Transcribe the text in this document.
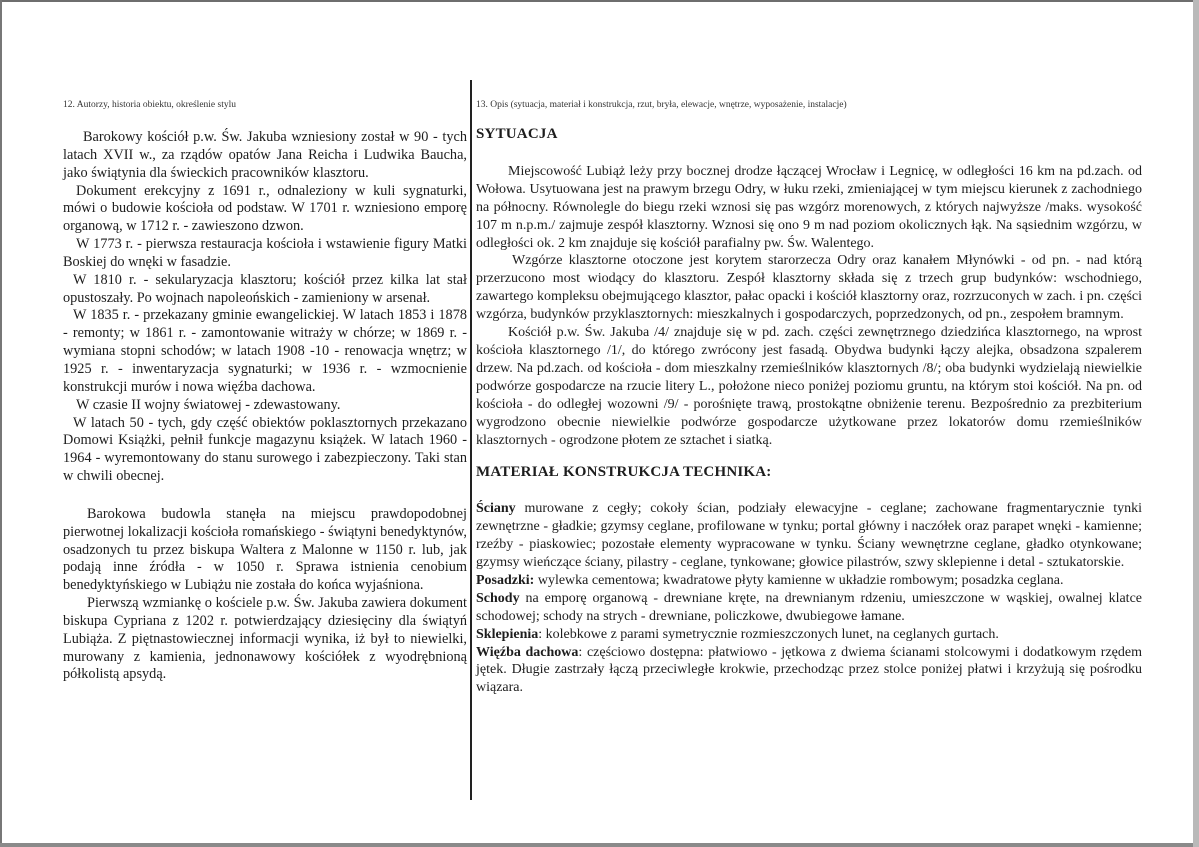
12. Autorzy, historia obiektu, określenie stylu	13. Opis (sytuacja, materiał i konstrukcja, rzut, bryła, elewacje, wnętrze, wyposażenie, instalacje)

Barokowy kościół p.w. Św. Jakuba wzniesiony został w 90 - tych latach XVII w., za rządów opatów Jana Reicha i Ludwika Baucha, jako świątynia dla świeckich pracowników klasztoru.

Dokument erekcyjny z 1691 r., odnaleziony w kuli sygnaturki, mówi o budowie kościoła od podstaw. W 1701 r. wzniesiono emporę organową, w 1712 r. - zawieszono dzwon.

W 1773 r. - pierwsza restauracja kościoła i wstawienie figury Matki Boskiej do wnęki w fasadzie.

W 1810 r. - sekularyzacja klasztoru; kościół przez kilka lat stał opustoszały. Po wojnach napoleońskich - zamieniony w arsenał.

W 1835 r. - przekazany gminie ewangelickiej. W latach 1853 i 1878 - remonty; w 1861 r. - zamontowanie witraży w chórze; w 1869 r. - wymiana stopni schodów; w latach 1908 -10 - renowacja wnętrz; w 1925 r. - inwentaryzacja sygnaturki; w 1936 r. - wzmocnienie konstrukcji murów i nowa więźba dachowa.

W czasie II wojny światowej - zdewastowany.

W latach 50 - tych, gdy część obiektów poklasztornych przekazano Domowi Książki, pełnił funkcje magazynu książek. W latach 1960 - 1964 - wyremontowany do stanu surowego i zabezpieczony. Taki stan w chwili obecnej.

Barokowa budowla stanęła na miejscu prawdopodobnej pierwotnej lokalizacji kościoła romańskiego - świątyni benedyktynów, osadzonych tu przez biskupa Waltera z Malonne w 1150 r. lub, jak podają inne źródła - w 1050 r. Sprawa istnienia cenobium benedyktyńskiego w Lubiążu nie została do końca wyjaśniona.

Pierwszą wzmiankę o kościele p.w. Św. Jakuba zawiera dokument biskupa Cypriana z 1202 r. potwierdzający dziesięciny dla świątyń Lubiąża. Z piętnastowiecznej informacji wynika, iż był to niewielki, murowany z kamienia, jednonawowy kościółek z wyodrębnioną półkolistą apsydą.

SYTUACJA

Miejscowość Lubiąż leży przy bocznej drodze łączącej Wrocław i Legnicę, w odległości 16 km na pd.zach. od Wołowa. Usytuowana jest na prawym brzegu Odry, w łuku rzeki, zmieniającej w tym miejscu kierunek z zachodniego na północny. Równolegle do biegu rzeki wznosi się pas wzgórz morenowych, z których najwyższe /maks. wysokość 107 m n.p.m./ zajmuje zespół klasztorny. Wznosi się ono 9 m nad poziom okolicznych łąk. Na sąsiednim wzgórzu, w odległości ok. 2 km znajduje się kościół parafialny pw. Św. Walentego.

Wzgórze klasztorne otoczone jest korytem starorzecza Odry oraz kanałem Młynówki - od pn. - nad którą przerzucono most wiodący do klasztoru. Zespół klasztorny składa się z trzech grup budynków: wschodniego, zawartego kompleksu obejmującego klasztor, pałac opacki i kościół klasztorny oraz, rozrzuconych w zach. i pn. części wzgórza, budynków przyklasztornych: mieszkalnych i gospodarczych, poprzedzonych, od pn., zespołem bramnym.

Kościół p.w. Św. Jakuba /4/ znajduje się w pd. zach. części zewnętrznego dziedzińca klasztornego, na wprost kościoła klasztornego /1/, do którego zwrócony jest fasadą. Obydwa budynki łączy alejka, obsadzona szpalerem drzew. Na pd.zach. od kościoła - dom mieszkalny rzemieślników klasztornych /8/; oba budynki wydzielają niewielkie podwórze gospodarcze na rzucie litery L., położone nieco poniżej poziomu gruntu, na którym stoi kościół. Na pn. od kościoła - do odległej wozowni /9/ - porośnięte trawą, prostokątne obniżenie terenu. Bezpośrednio za prezbiterium wygrodzono obecnie niewielkie podwórze gospodarcze użytkowane przez lokatorów domu rzemieślników klasztornych - ogrodzone płotem ze sztachet i siatką.

MATERIAŁ KONSTRUKCJA TECHNIKA:

Ściany murowane z cegły; cokoły ścian, podziały elewacyjne - ceglane; zachowane fragmentarycznie tynki zewnętrzne - gładkie; gzymsy ceglane, profilowane w tynku; portal główny i naczółek oraz parapet wnęki - kamienne; rzeźby - piaskowiec; pozostałe elementy wypracowane w tynku. Ściany wewnętrzne ceglane, gładko otynkowane; gzymsy wieńczące ściany, pilastry - ceglane, tynkowane; głowice pilastrów, szwy sklepienne i detal - sztukatorskie.

Posadzki: wylewka cementowa; kwadratowe płyty kamienne w układzie rombowym; posadzka ceglana.

Schody na emporę organową - drewniane kręte, na drewnianym rdzeniu, umieszczone w wąskiej, owalnej klatce schodowej; schody na strych - drewniane, policzkowe, dwubiegowe łamane.

Sklepienia: kolebkowe z parami symetrycznie rozmieszczonych lunet, na ceglanych gurtach.

Więźba dachowa: częściowo dostępna: płatwiowo - jętkowa z dwiema ścianami stolcowymi i dodatkowym rzędem jętek. Długie zastrzały łączą przeciwległe krokwie, przechodząc przez stolce poniżej płatwi i krzyżują się pośrodku wiązara.
